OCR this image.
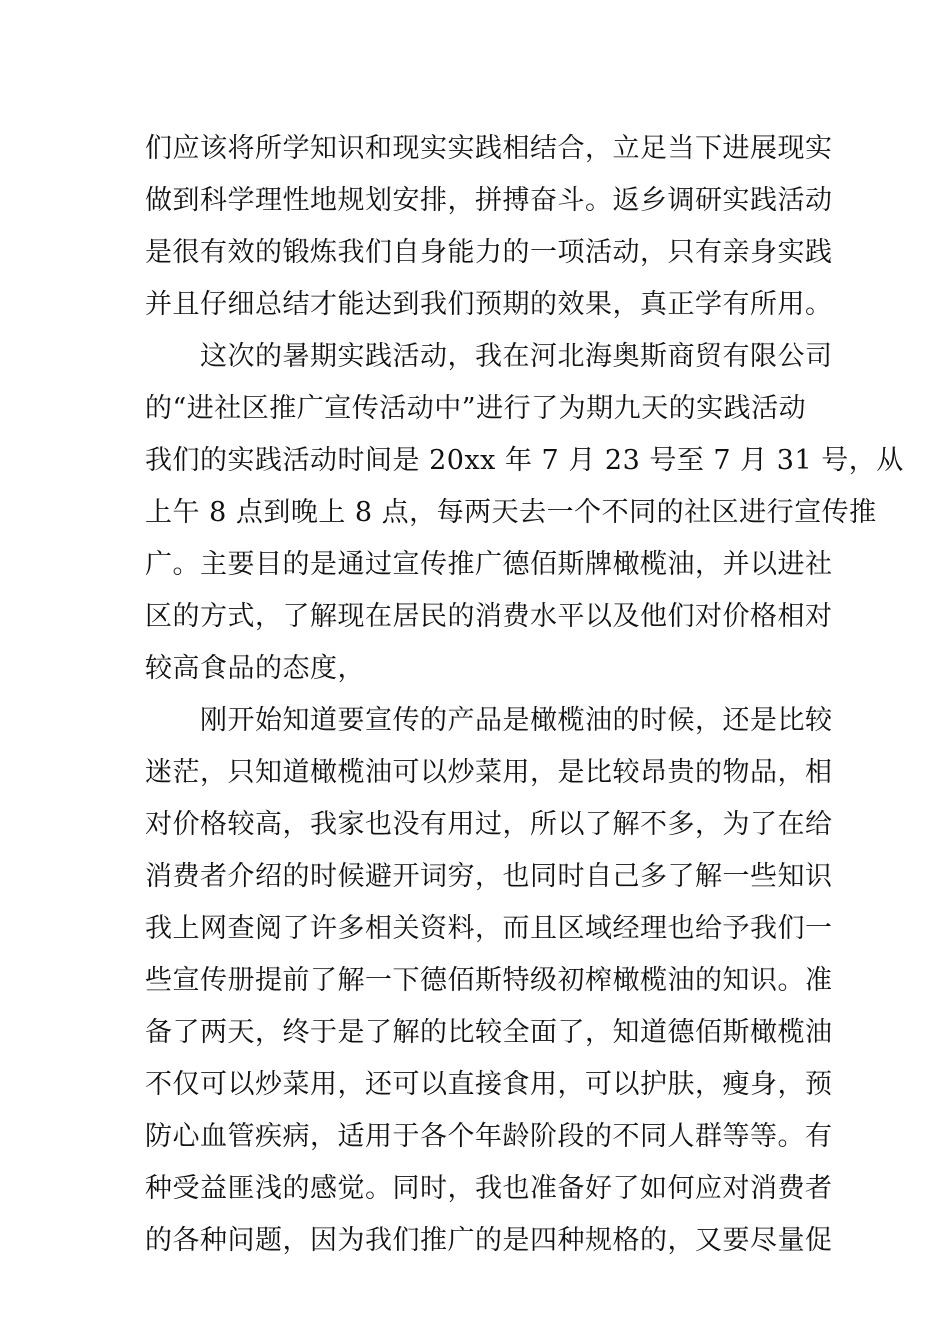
们应该将所学知识和现实实践相结合，立足当下进展现实
做到科学理性地规划安排，拼搏奋斗。返乡调研实践活动
是很有效的锻炼我们自身能力的一项活动，只有亲身实践
并且仔细总结才能达到我们预期的效果，真正学有所用。
这次的暑期实践活动，我在河北海奥斯商贸有限公司
的“进社区推广宣传活动中”进行了为期九天的实践活动
我们的实践活动时间是 20xx 年 7 月 23 号至 7 月 31 号，从
上午 8 点到晚上 8 点，每两天去一个不同的社区进行宣传推
广。主要目的是通过宣传推广德佰斯牌橄榄油，并以进社
区的方式，了解现在居民的消费水平以及他们对价格相对
较高食品的态度，
刚开始知道要宣传的产品是橄榄油的时候，还是比较
迷茫，只知道橄榄油可以炒菜用，是比较昂贵的物品，相
对价格较高，我家也没有用过，所以了解不多，为了在给
消费者介绍的时候避开词穷，也同时自己多了解一些知识
我上网查阅了许多相关资料，而且区域经理也给予我们一
些宣传册提前了解一下德佰斯特级初榨橄榄油的知识。准
备了两天，终于是了解的比较全面了，知道德佰斯橄榄油
不仅可以炒菜用，还可以直接食用，可以护肤，瘦身，预
防心血管疾病，适用于各个年龄阶段的不同人群等等。有
种受益匪浅的感觉。同时，我也准备好了如何应对消费者
的各种问题，因为我们推广的是四种规格的，又要尽量促
